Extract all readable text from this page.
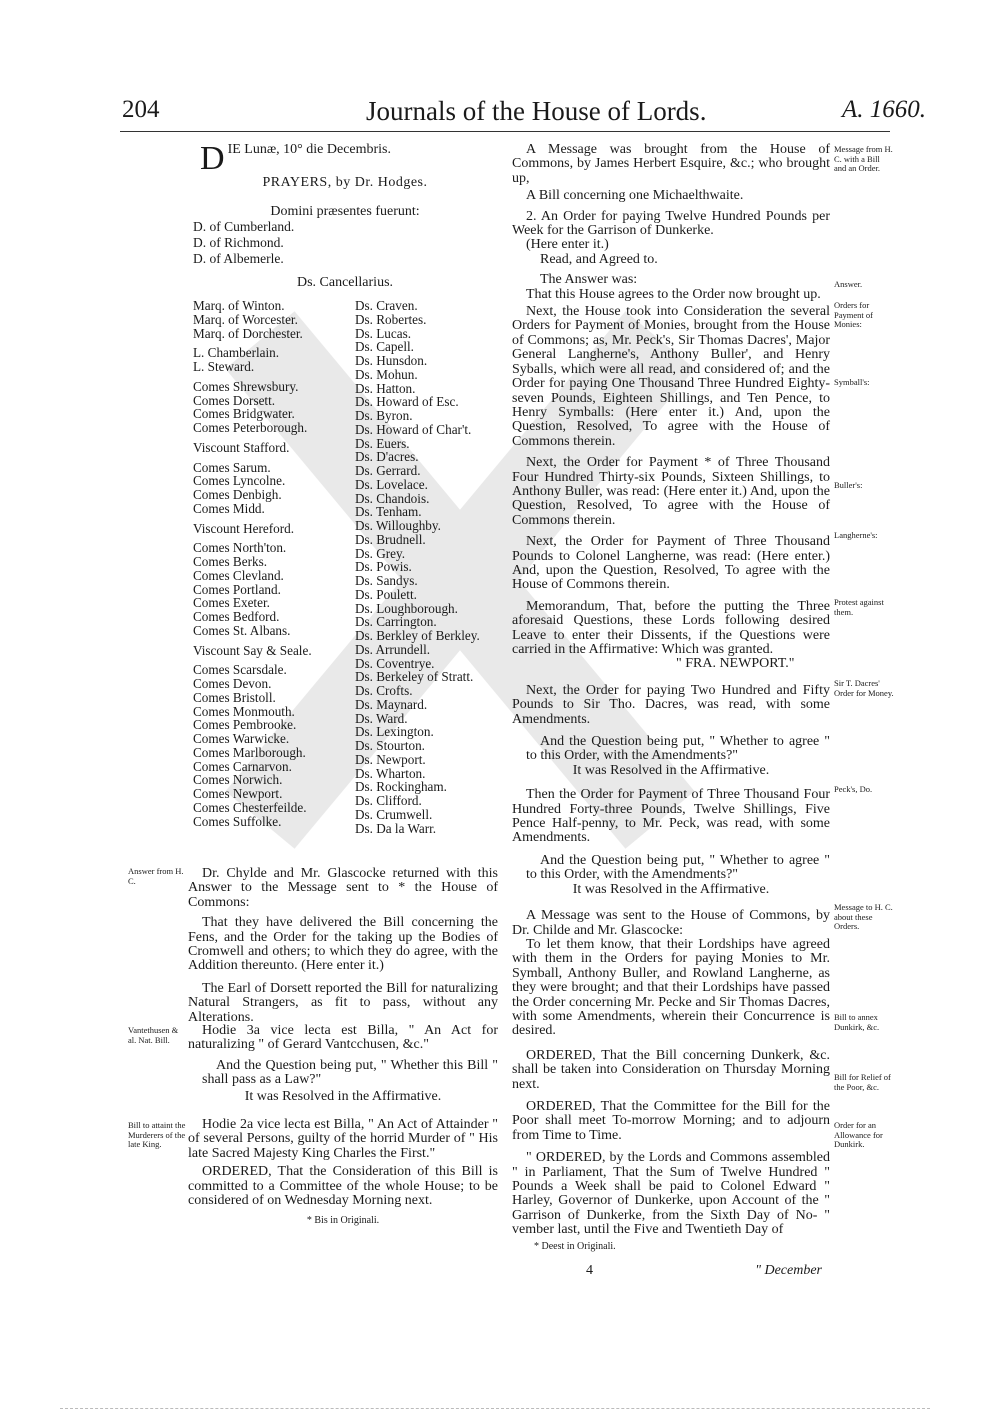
204	Journals of the House of Lords.	A. 1660.
D IE Lunæ, 10° die Decembris.
PRAYERS, by Dr. Hodges.
Domini præsentes fuerunt:
D. of Cumberland.
D. of Richmond.
D. of Albemerle.
Ds. Cancellarius.
Marq. of Winton.
Marq. of Worcester.
Marq. of Dorchester.
L. Chamberlain.
L. Steward.
Comes Shrewsbury.
Comes Dorsett.
Comes Bridgwater.
Comes Peterborough.
Viscount Stafford.
Comes Sarum.
Comes Lyncolne.
Comes Denbigh.
Comes Midd.
Viscount Hereford.
Comes North'ton.
Comes Berks.
Comes Clevland.
Comes Portland.
Comes Exeter.
Comes Bedford.
Comes St. Albans.
Viscount Say & Seale.
Comes Scarsdale.
Comes Devon.
Comes Bristoll.
Comes Monmouth.
Comes Pembrooke.
Comes Warwicke.
Comes Marlborough.
Comes Carnarvon.
Comes Norwich.
Comes Newport.
Comes Chesterfeilde.
Comes Suffolke.
Ds. Craven.
Ds. Robertes.
Ds. Lucas.
Ds. Capell.
Ds. Hunsdon.
Ds. Mohun.
Ds. Hatton.
Ds. Howard of Esc.
Ds. Byron.
Ds. Howard of Char't.
Ds. Euers.
Ds. D'acres.
Ds. Gerrard.
Ds. Lovelace.
Ds. Chandois.
Ds. Tenham.
Ds. Willoughby.
Ds. Brudnell.
Ds. Grey.
Ds. Powis.
Ds. Sandys.
Ds. Poulett.
Ds. Loughborough.
Ds. Carrington.
Ds. Berkley of Berkley.
Ds. Arrundell.
Ds. Coventrye.
Ds. Berkeley of Stratt.
Ds. Crofts.
Ds. Maynard.
Ds. Ward.
Ds. Lexington.
Ds. Stourton.
Ds. Newport.
Ds. Wharton.
Ds. Rockingham.
Ds. Clifford.
Ds. Crumwell.
Ds. Da la Warr.
Answer from H. C.	Dr. Chylde and Mr. Glascocke returned with this Answer to the Message sent to * the House of Commons:

That they have delivered the Bill concerning the Fens, and the Order for the taking up the Bodies of Cromwell and others; to which they do agree, with the Addition thereunto. (Here enter it.)

The Earl of Dorsett reported the Bill for naturalizing Natural Strangers, as fit to pass, without any Alterations.

Vantethusen & al. Nat. Bill.

Hodie 3a vice lecta est Billa, " An Act for naturalizing " of Gerard Vantcchusen, &c."

And the Question being put, " Whether this Bill " shall pass as a Law?"

It was Resolved in the Affirmative.

Bill to attaint the Murderers of the late King.

Hodie 2a vice lecta est Billa, " An Act of Attainder " of several Persons, guilty of the horrid Murder of " His late Sacred Majesty King Charles the First."

ORDERED, That the Consideration of this Bill is committed to a Committee of the whole House; to be considered of on Wednesday Morning next.

* Bis in Originali.

A Message was brought from the House of Commons, by James Herbert Esquire, &c.; who brought up,

A Bill concerning one Michaelthwaite.

2. An Order for paying Twelve Hundred Pounds per Week for the Garrison of Dunkerke.

(Here enter it.)

Read, and Agreed to.

The Answer was:

That this House agrees to the Order now brought up.

Next, the House took into Consideration the several Orders for Payment of Monies, brought from the House of Commons; as, Mr. Peck's, Sir Thomas Dacres', Major General Langherne's, Anthony Buller', and Henry Syballs, which were all read, and considered of; and the Order for paying One Thousand Three Hundred Eighty-seven Pounds, Eighteen Shillings, and Ten Pence, to Henry Symballs: (Here enter it.) And, upon the Question, Resolved, To agree with the House of Commons therein.

Next, the Order for Payment * of Three Thousand Four Hundred Thirty-six Pounds, Sixteen Shillings, to Anthony Buller, was read: (Here enter it.) And, upon the Question, Resolved, To agree with the House of Commons therein.

Next, the Order for Payment of Three Thousand Pounds to Colonel Langherne, was read: (Here enter.) And, upon the Question, Resolved, To agree with the House of Commons therein.

Memorandum, That, before the putting the Three aforesaid Questions, these Lords following desired Leave to enter their Dissents, if the Questions were carried in the Affirmative: Which was granted.

" FRA. NEWPORT."

Next, the Order for paying Two Hundred and Fifty Pounds to Sir Tho. Dacres, was read, with some Amendments.

And the Question being put, " Whether to agree " to this Order, with the Amendments?"

It was Resolved in the Affirmative.

Then the Order for Payment of Three Thousand Four Hundred Forty-three Pounds, Twelve Shillings, Five Pence Half-penny, to Mr. Peck, was read, with some Amendments.

And the Question being put, " Whether to agree " to this Order, with the Amendments?"

It was Resolved in the Affirmative.

A Message was sent to the House of Commons, by Dr. Childe and Mr. Glascocke:

To let them know, that their Lordships have agreed with them in the Orders for paying Monies to Mr. Symball, Anthony Buller, and Rowland Langherne, as they were brought; and that their Lordships have passed the Order concerning Mr. Pecke and Sir Thomas Dacres, with some Amendments, wherein their Concurrence is desired.

ORDERED, That the Bill concerning Dunkerk, &c. shall be taken into Consideration on Thursday Morning next.

ORDERED, That the Committee for the Bill for the Poor shall meet To-morrow Morning; and to adjourn from Time to Time.

" ORDERED, by the Lords and Commons assembled " in Parliament, That the Sum of Twelve Hundred " Pounds a Week shall be paid to Colonel Edward " Harley, Governor of Dunkerke, upon Account of the " Garrison of Dunkerke, from the Sixth Day of No- " vember last, until the Five and Twentieth Day of

* Deest in Originali.

4	" December
Message from H. C. with a Bill and an Order.
Answer.
Orders for Payment of Monies:
Symball's:
Buller's:
Langherne's:
Protest against them.
Sir T. Dacres' Order for Money.
Peck's, Do.
Message to H. C. about these Orders.
Bill to annex Dunkirk, &c.
Bill for Relief of the Poor, &c.
Order for an Allowance for Dunkirk.
